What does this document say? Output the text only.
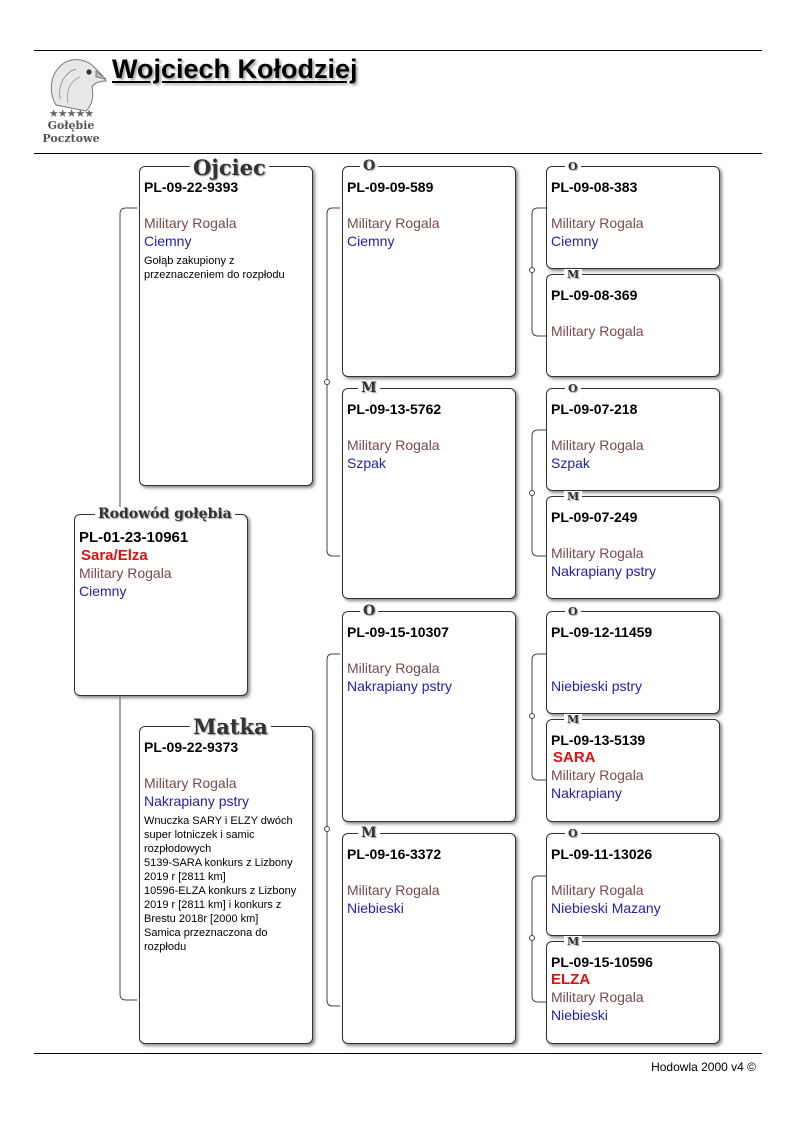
★★★★★
Gołębie
Pocztowe
Wojciech Kołodziej
PL-01-23-10961
Sara/Elza
Military Rogala
Ciemny
Rodowód gołębia
PL-09-22-9393
Military Rogala
Ciemny
Gołąb zakupiony z przeznaczeniem do rozpłodu
Ojciec
PL-09-22-9373
Military Rogala
Nakrapiany pstry
Wnuczka SARY i ELZY dwóch super lotniczek i samic rozpłodowych
5139-SARA konkurs z Lizbony 2019 r [2811 km]
10596-ELZA konkurs z Lizbony 2019 r [2811 km] i konkurs z Brestu 2018r [2000 km]
Samica przeznaczona do rozpłodu
Matka
PL-09-09-589
Military Rogala
Ciemny
O
PL-09-13-5762
Military Rogala
Szpak
M
PL-09-15-10307
Military Rogala
Nakrapiany pstry
O
PL-09-16-3372
Military Rogala
Niebieski
M
PL-09-08-383
Military Rogala
Ciemny
O
PL-09-08-369
Military Rogala
M
PL-09-07-218
Military Rogala
Szpak
O
PL-09-07-249
Military Rogala
Nakrapiany pstry
M
PL-09-12-11459
Niebieski pstry
O
PL-09-13-5139
SARA
Military Rogala
Nakrapiany
M
PL-09-11-13026
Military Rogala
Niebieski Mazany
O
PL-09-15-10596
ELZA
Military Rogala
Niebieski
M
Hodowla 2000 v4 ©
